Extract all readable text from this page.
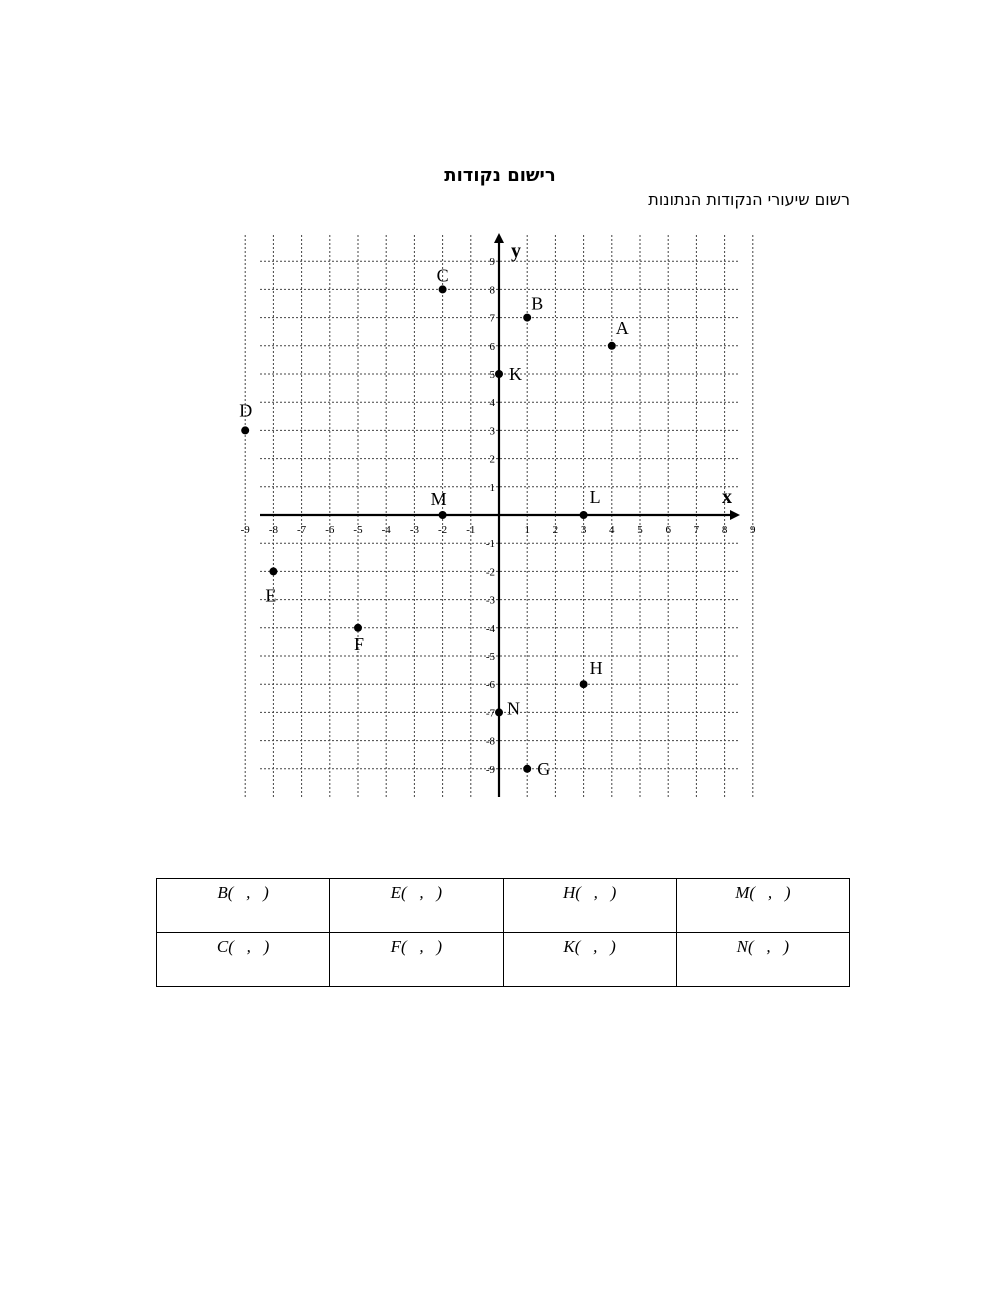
רישום נקודות
רשום שיעורי הנקודות הנתונות
x
y
-9 -8 -7 -6 -5 -4 -3 -2 -1	1 2 3 4 5 6 7 8 9
9
8
7
6
5
4
3
2
1
-1
-2
-3
-4
-5
-6
-7
-8
-9
A
B
C
D
E
F
G
H
K
L
M
N
B(   ,   )	E(   ,   )	H(   ,   )	M(   ,   )
C(   ,   )	F(   ,   )	K(   ,   )	N(   ,   )
